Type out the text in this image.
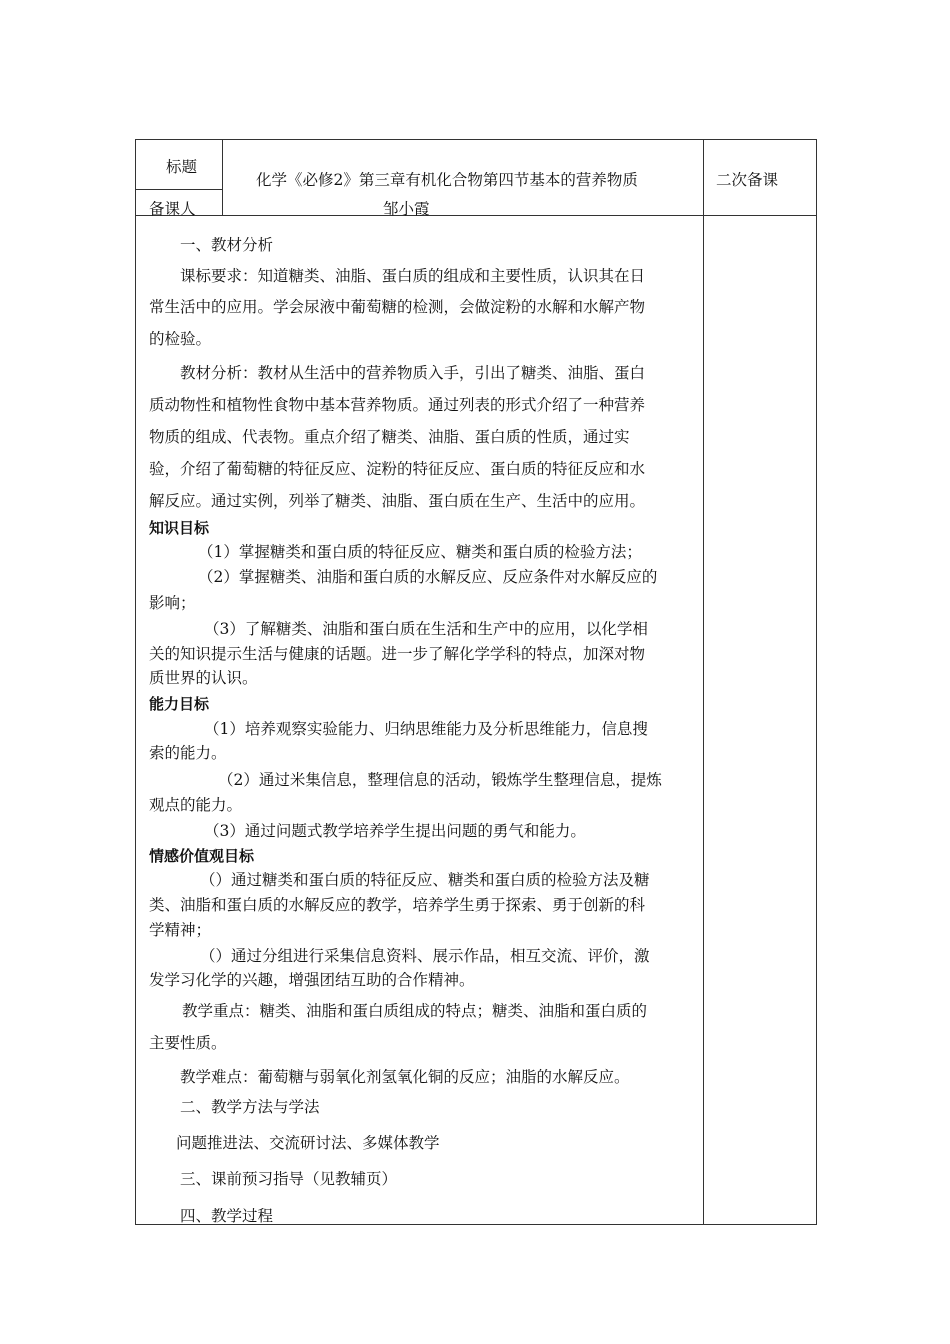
标题
化学《必修2》第三章有机化合物第四节基本的营养物质
备课人	邹小霞
二次备课
一、教材分析
课标要求：知道糖类、油脂、蛋白质的组成和主要性质，认识其在日
常生活中的应用。学会尿液中葡萄糖的检测，会做淀粉的水解和水解产物
的检验。
教材分析：教材从生活中的营养物质入手，引出了糖类、油脂、蛋白
质动物性和植物性食物中基本营养物质。通过列表的形式介绍了一种营养
物质的组成、代表物。重点介绍了糖类、油脂、蛋白质的性质，通过实
验，介绍了葡萄糖的特征反应、淀粉的特征反应、蛋白质的特征反应和水
解反应。通过实例，列举了糖类、油脂、蛋白质在生产、生活中的应用。
知识目标
（1）掌握糖类和蛋白质的特征反应、糖类和蛋白质的检验方法；
（2）掌握糖类、油脂和蛋白质的水解反应、反应条件对水解反应的
影响；
（3）了解糖类、油脂和蛋白质在生活和生产中的应用，以化学相
关的知识提示生活与健康的话题。进一步了解化学学科的特点，加深对物
质世界的认识。
能力目标
（1）培养观察实验能力、归纳思维能力及分析思维能力，信息搜
索的能力。
（2）通过米集信息，整理信息的活动，锻炼学生整理信息，提炼
观点的能力。
（3）通过问题式教学培养学生提出问题的勇气和能力。
情感价值观目标
（）通过糖类和蛋白质的特征反应、糖类和蛋白质的检验方法及糖
类、油脂和蛋白质的水解反应的教学，培养学生勇于探索、勇于创新的科
学精神；
（）通过分组进行采集信息资料、展示作品，相互交流、评价，激
发学习化学的兴趣，增强团结互助的合作精神。
教学重点：糖类、油脂和蛋白质组成的特点；糖类、油脂和蛋白质的
主要性质。
教学难点：葡萄糖与弱氧化剂氢氧化铜的反应；油脂的水解反应。
二、教学方法与学法
问题推进法、交流研讨法、多媒体教学
三、课前预习指导（见教辅页）
四、教学过程
